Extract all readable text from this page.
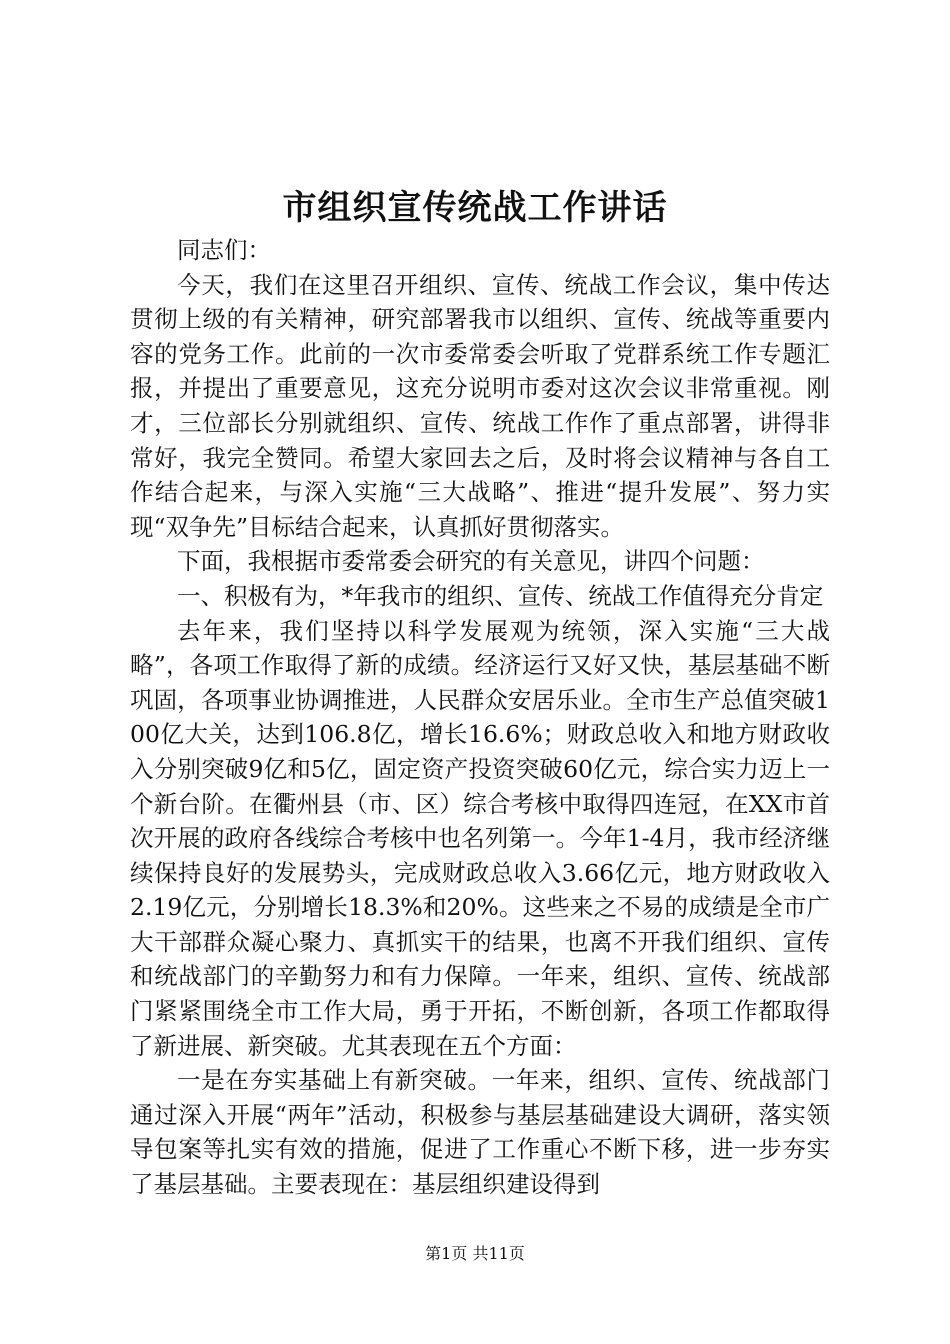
市组织宣传统战工作讲话

同志们：

今天，我们在这里召开组织、宣传、统战工作会议，集中传达贯彻上级的有关精神，研究部署我市以组织、宣传、统战等重要内容的党务工作。此前的一次市委常委会听取了党群系统工作专题汇报，并提出了重要意见，这充分说明市委对这次会议非常重视。刚才，三位部长分别就组织、宣传、统战工作作了重点部署，讲得非常好，我完全赞同。希望大家回去之后，及时将会议精神与各自工作结合起来，与深入实施“三大战略”、推进“提升发展”、努力实现“双争先”目标结合起来，认真抓好贯彻落实。

下面，我根据市委常委会研究的有关意见，讲四个问题：

一、积极有为，*年我市的组织、宣传、统战工作值得充分肯定

去年来，我们坚持以科学发展观为统领，深入实施“三大战略”，各项工作取得了新的成绩。经济运行又好又快，基层基础不断巩固，各项事业协调推进，人民群众安居乐业。全市生产总值突破100亿大关，达到106.8亿，增长16.6%；财政总收入和地方财政收入分别突破9亿和5亿，固定资产投资突破60亿元，综合实力迈上一个新台阶。在衢州县（市、区）综合考核中取得四连冠，在XX市首次开展的政府各线综合考核中也名列第一。今年1-4月，我市经济继续保持良好的发展势头，完成财政总收入3.66亿元，地方财政收入2.19亿元，分别增长18.3%和20%。这些来之不易的成绩是全市广大干部群众凝心聚力、真抓实干的结果，也离不开我们组织、宣传和统战部门的辛勤努力和有力保障。一年来，组织、宣传、统战部门紧紧围绕全市工作大局，勇于开拓，不断创新，各项工作都取得了新进展、新突破。尤其表现在五个方面：

一是在夯实基础上有新突破。一年来，组织、宣传、统战部门通过深入开展“两年”活动，积极参与基层基础建设大调研，落实领导包案等扎实有效的措施，促进了工作重心不断下移，进一步夯实了基层基础。主要表现在：基层组织建设得到

第1页 共11页
